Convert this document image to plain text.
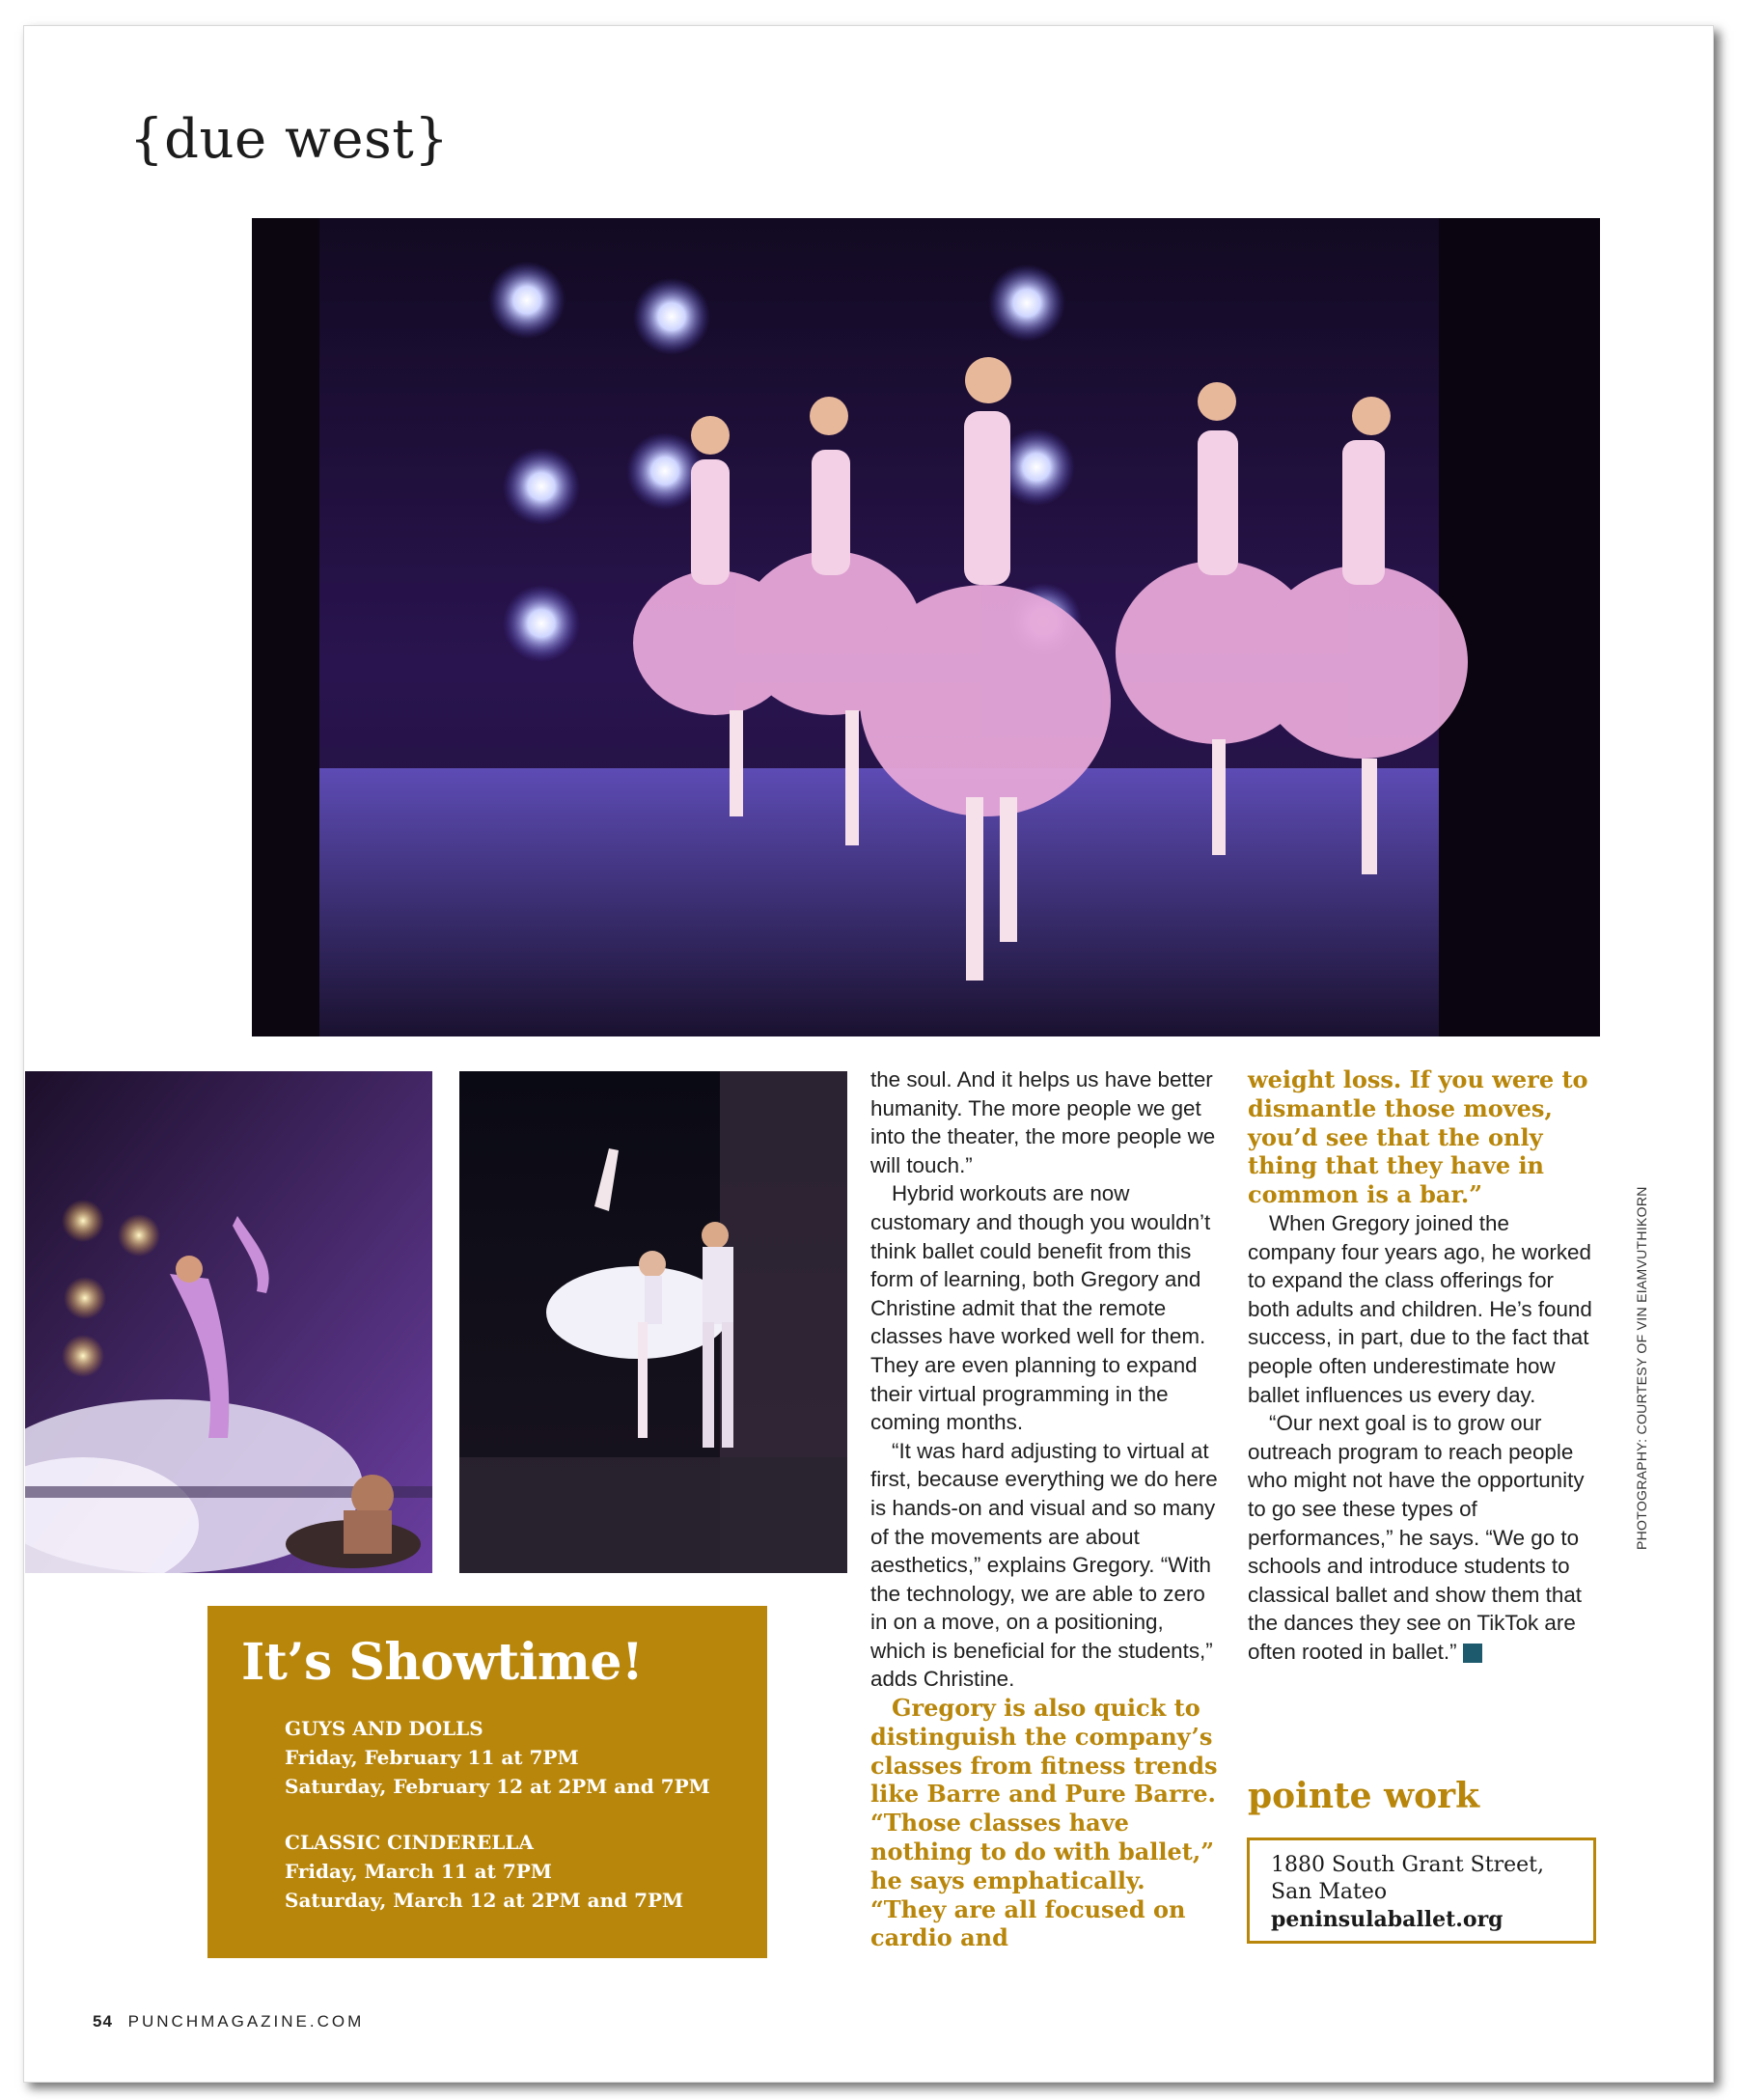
{due west}

the soul. And it helps us have better humanity. The more people we get into the theater, the more people we will touch.”

Hybrid workouts are now customary and though you wouldn’t think ballet could benefit from this form of learning, both Gregory and Christine admit that the remote classes have worked well for them. They are even planning to expand their virtual programming in the coming months.

“It was hard adjusting to virtual at first, because everything we do here is hands-on and visual and so many of the movements are about aesthetics,” explains Gregory. “With the technology, we are able to zero in on a move, on a positioning, which is beneficial for the students,” adds Christine.

Gregory is also quick to distinguish the company’s classes from fitness trends like Barre and Pure Barre. “Those classes have nothing to do with ballet,” he says emphatically. “They are all focused on cardio and

weight loss. If you were to dismantle those moves, you’d see that the only thing that they have in common is a bar.”

When Gregory joined the company four years ago, he worked to expand the class offerings for both adults and children. He’s found success, in part, due to the fact that people often underestimate how ballet influences us every day.

“Our next goal is to grow our outreach program to reach people who might not have the opportunity to go see these types of performances,” he says. “We go to schools and introduce students to classical ballet and show them that the dances they see on TikTok are often rooted in ballet.” P

It’s Showtime!
GUYS AND DOLLS
Friday, February 11 at 7PM
Saturday, February 12 at 2PM and 7PM
CLASSIC CINDERELLA
Friday, March 11 at 7PM
Saturday, March 12 at 2PM and 7PM
pointe work
1880 South Grant Street,
San Mateo
peninsulaballet.org
PHOTOGRAPHY: COURTESY OF VIN EIAMVUTHIKORN
54 PUNCHMAGAZINE.COM
